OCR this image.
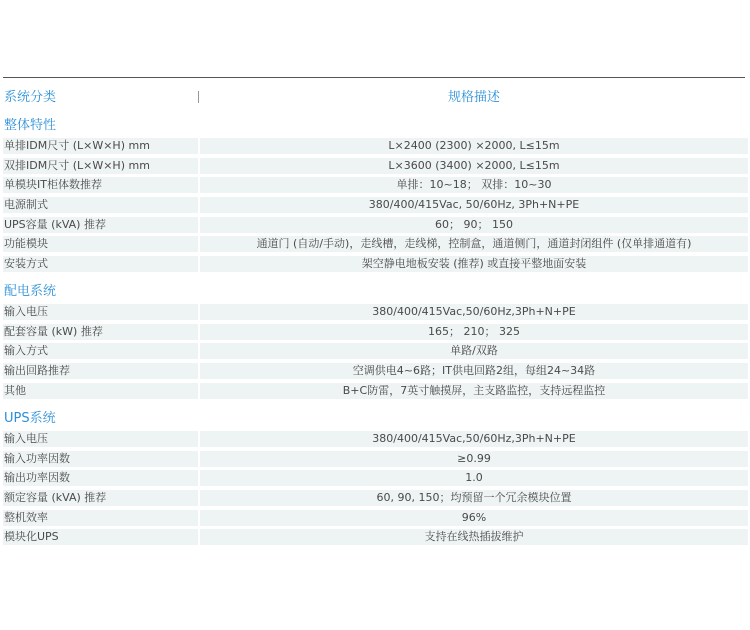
系统分类	规格描述
整体特性
单排IDM尺寸 (L×W×H) mm	L×2400 (2300) ×2000, L≤15m
双排IDM尺寸 (L×W×H) mm	L×3600 (3400) ×2000, L≤15m
单模块IT柜体数推荐	单排：10~18； 双排：10~30
电源制式	380/400/415Vac, 50/60Hz, 3Ph+N+PE
UPS容量 (kVA) 推荐	60； 90； 150
功能模块	通道门 (自动/手动)，走线槽，走线梯，控制盒，通道侧门，通道封闭组件 (仅单排通道有)
安装方式	架空静电地板安装 (推荐) 或直接平整地面安装
配电系统
输入电压	380/400/415Vac,50/60Hz,3Ph+N+PE
配套容量 (kW) 推荐	165； 210； 325
输入方式	单路/双路
输出回路推荐	空调供电4~6路；IT供电回路2组，每组24~34路
其他	B+C防雷，7英寸触摸屏，主支路监控，支持远程监控
UPS系统
输入电压	380/400/415Vac,50/60Hz,3Ph+N+PE
输入功率因数	≥0.99
输出功率因数	1.0
额定容量 (kVA) 推荐	60, 90, 150；均预留一个冗余模块位置
整机效率	96%
模块化UPS	支持在线热插拔维护
